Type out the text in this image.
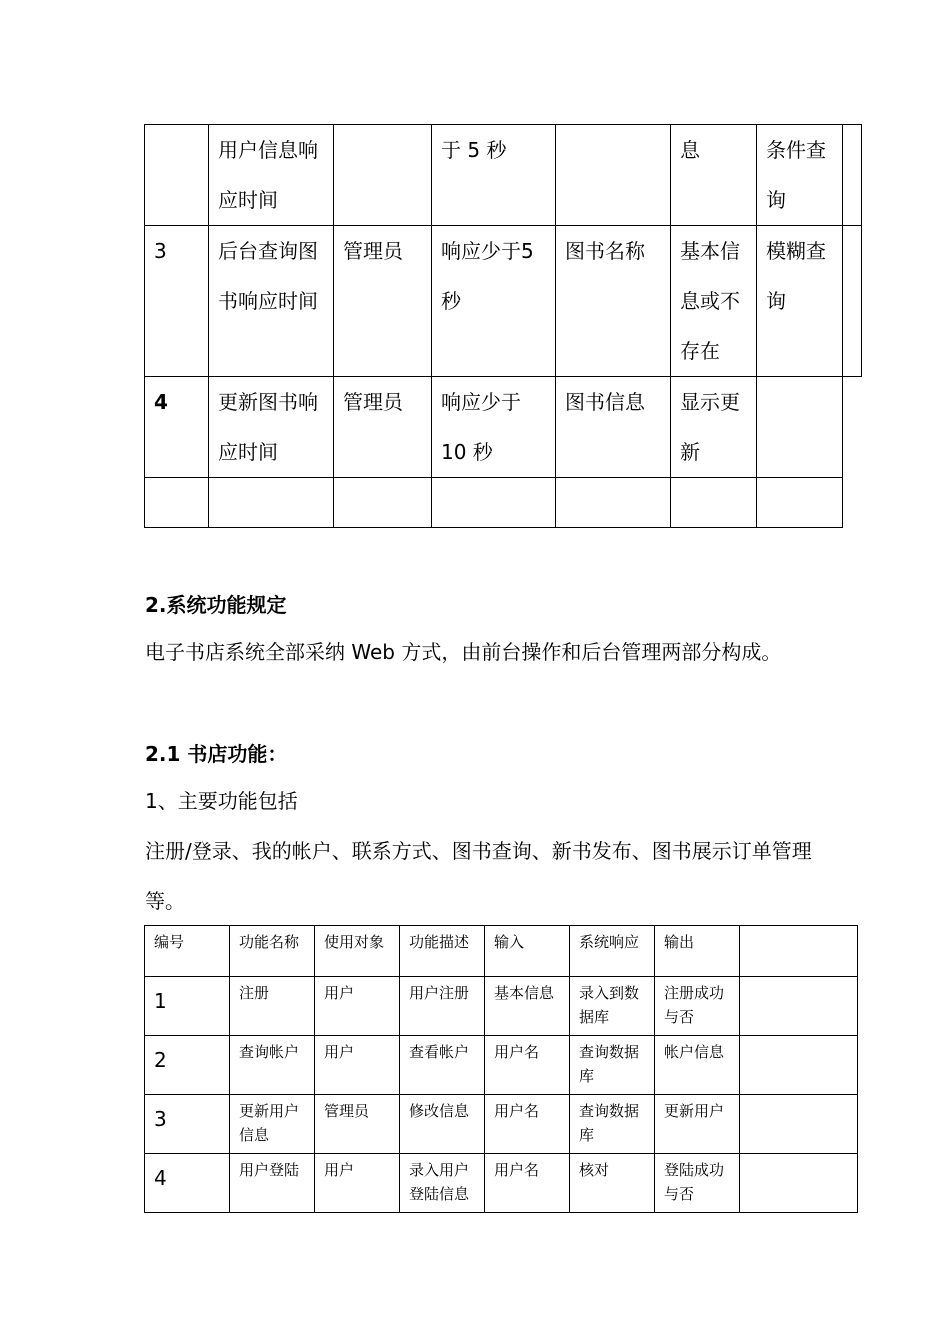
	用户信息响应时间		于 5 秒		息	条件查询	

3	后台查询图书响应时间	管理员	响应少于5 秒	图书名称	基本信息或不存在	模糊查询	

4	更新图书响应时间	管理员	响应少于10 秒	图书信息	显示更新		

2.系统功能规定
电子书店系统全部采纳 Web 方式，由前台操作和后台管理两部分构成。
2.1 书店功能：
1、主要功能包括
注册/登录、我的帐户、联系方式、图书查询、新书发布、图书展示订单管理等。
编号	功能名称	使用对象	功能描述	输入	系统响应	输出	
1	注册	用户	用户注册	基本信息	录入到数据库	注册成功与否	
2	查询帐户	用户	查看帐户	用户名	查询数据库	帐户信息	
3	更新用户信息	管理员	修改信息	用户名	查询数据库	更新用户	
4	用户登陆	用户	录入用户登陆信息	用户名	核对	登陆成功与否	
